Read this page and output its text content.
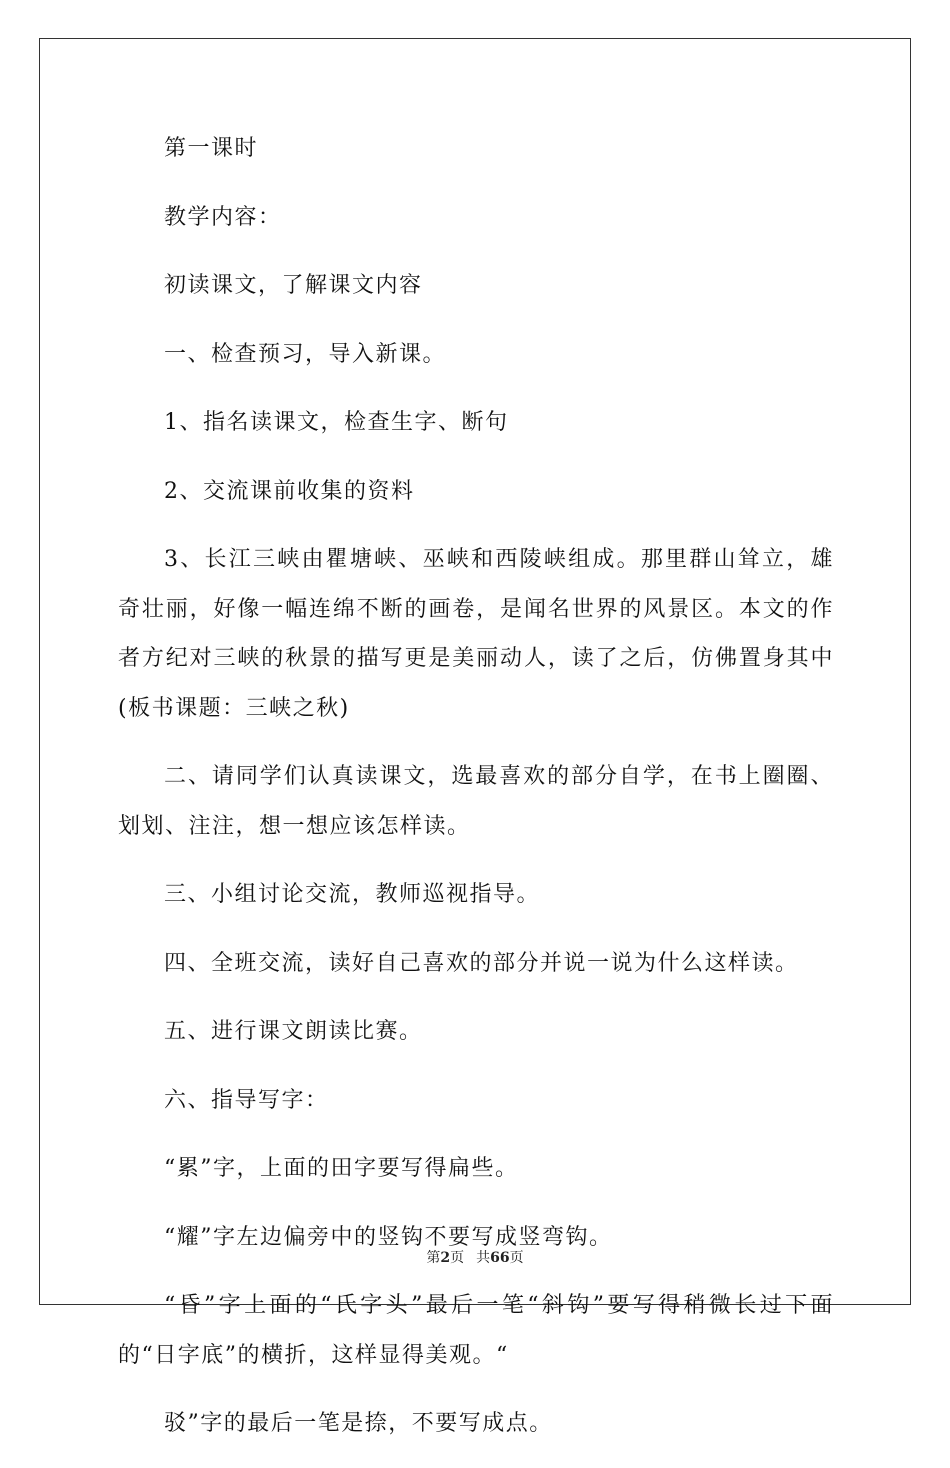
第一课时

教学内容：

初读课文，了解课文内容

一、检查预习，导入新课。

1、指名读课文，检查生字、断句

2、交流课前收集的资料

3、长江三峡由瞿塘峡、巫峡和西陵峡组成。那里群山耸立，雄奇壮丽，好像一幅连绵不断的画卷，是闻名世界的风景区。本文的作者方纪对三峡的秋景的描写更是美丽动人，读了之后，仿佛置身其中(板书课题：三峡之秋)

二、请同学们认真读课文，选最喜欢的部分自学，在书上圈圈、划划、注注，想一想应该怎样读。

三、小组讨论交流，教师巡视指导。

四、全班交流，读好自己喜欢的部分并说一说为什么这样读。

五、进行课文朗读比赛。

六、指导写字：

“累”字，上面的田字要写得扁些。

“耀”字左边偏旁中的竖钩不要写成竖弯钩。

“昏”字上面的“氏字头”最后一笔“斜钩”要写得稍微长过下面的“日字底”的横折，这样显得美观。“

驳”字的最后一笔是捺，不要写成点。

第2页 共66页
